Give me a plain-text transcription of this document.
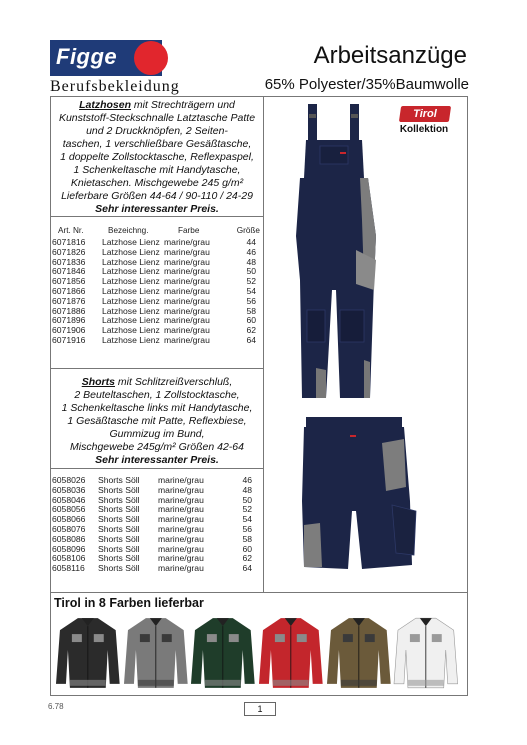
Figge
Berufsbekleidung
Arbeitsanzüge
65% Polyester/35%Baumwolle
Latzhosen mit Strechträgern und
Kunststoff-Steckschnalle Latztasche Patte
und 2 Druckknöpfen, 2 Seiten-
taschen, 1 verschließbare Gesäßtasche,
1 doppelte Zollstocktasche, Reflexpaspel,
1 Schenkeltasche mit Handytasche,
Knietaschen. Mischgewebe 245 g/m²
Lieferbare Größen 44-64 / 90-110 / 24-29
Sehr interessanter Preis.
Art. Nr.	Bezeichng.	Farbe	Größe
6071816	Latzhose Lienz marine/grau	44
6071826	Latzhose Lienz marine/grau	46
6071836	Latzhose Lienz marine/grau	48
6071846	Latzhose Lienz marine/grau	50
6071856	Latzhose Lienz marine/grau	52
6071866	Latzhose Lienz marine/grau	54
6071876	Latzhose Lienz marine/grau	56
6071886	Latzhose Lienz marine/grau	58
6071896	Latzhose Lienz marine/grau	60
6071906	Latzhose Lienz marine/grau	62
6071916	Latzhose Lienz marine/grau	64
Shorts mit Schlitzreißverschluß,
2 Beuteltaschen, 1 Zollstocktasche,
1 Schenkeltasche links mit Handytasche,
1 Gesäßtasche mit Patte, Reflexbiese,
Gummizug im Bund,
Mischgewebe 245g/m² Größen 42-64
Sehr interessanter Preis.
6058026	Shorts Söll	marine/grau	46
6058036	Shorts Söll	marine/grau	48
6058046	Shorts Söll	marine/grau	50
6058056	Shorts Söll	marine/grau	52
6058066	Shorts Söll	marine/grau	54
6058076	Shorts Söll	marine/grau	56
6058086	Shorts Söll	marine/grau	58
6058096	Shorts Söll	marine/grau	60
6058106	Shorts Söll	marine/grau	62
6058116	Shorts Söll	marine/grau	64
Tirol
Kollektion
Tirol in 8 Farben lieferbar
6.78	1
